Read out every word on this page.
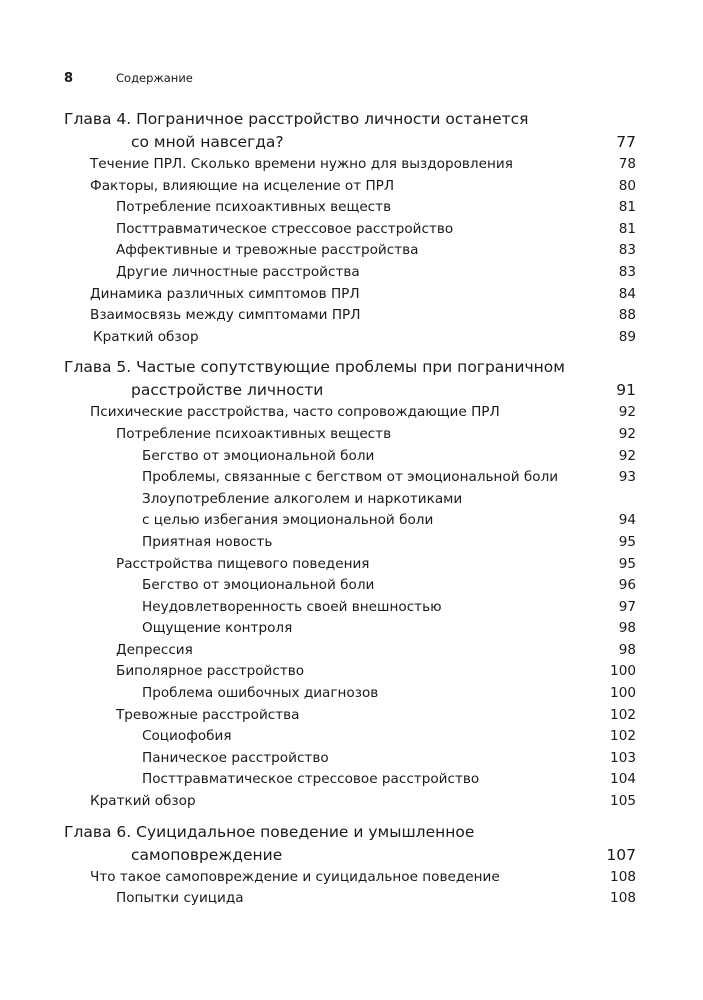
8	Содержание
Глава 4. Пограничное расстройство личности останется
со мной навсегда?	77
Течение ПРЛ. Сколько времени нужно для выздоровления	78
Факторы, влияющие на исцеление от ПРЛ	80
Потребление психоактивных веществ	81
Посттравматическое стрессовое расстройство	81
Аффективные и тревожные расстройства	83
Другие личностные расстройства	83
Динамика различных симптомов ПРЛ	84
Взаимосвязь между симптомами ПРЛ	88
Краткий обзор	89
Глава 5. Частые сопутствующие проблемы при пограничном
расстройстве личности	91
Психические расстройства, часто сопровождающие ПРЛ	92
Потребление психоактивных веществ	92
Бегство от эмоциональной боли	92
Проблемы, связанные с бегством от эмоциональной боли	93
Злоупотребление алкоголем и наркотиками
с целью избегания эмоциональной боли	94
Приятная новость	95
Расстройства пищевого поведения	95
Бегство от эмоциональной боли	96
Неудовлетворенность своей внешностью	97
Ощущение контроля	98
Депрессия	98
Биполярное расстройство	100
Проблема ошибочных диагнозов	100
Тревожные расстройства	102
Социофобия	102
Паническое расстройство	103
Посттравматическое стрессовое расстройство	104
Краткий обзор	105
Глава 6. Суицидальное поведение и умышленное
самоповреждение	107
Что такое самоповреждение и суицидальное поведение	108
Попытки суицида	108
